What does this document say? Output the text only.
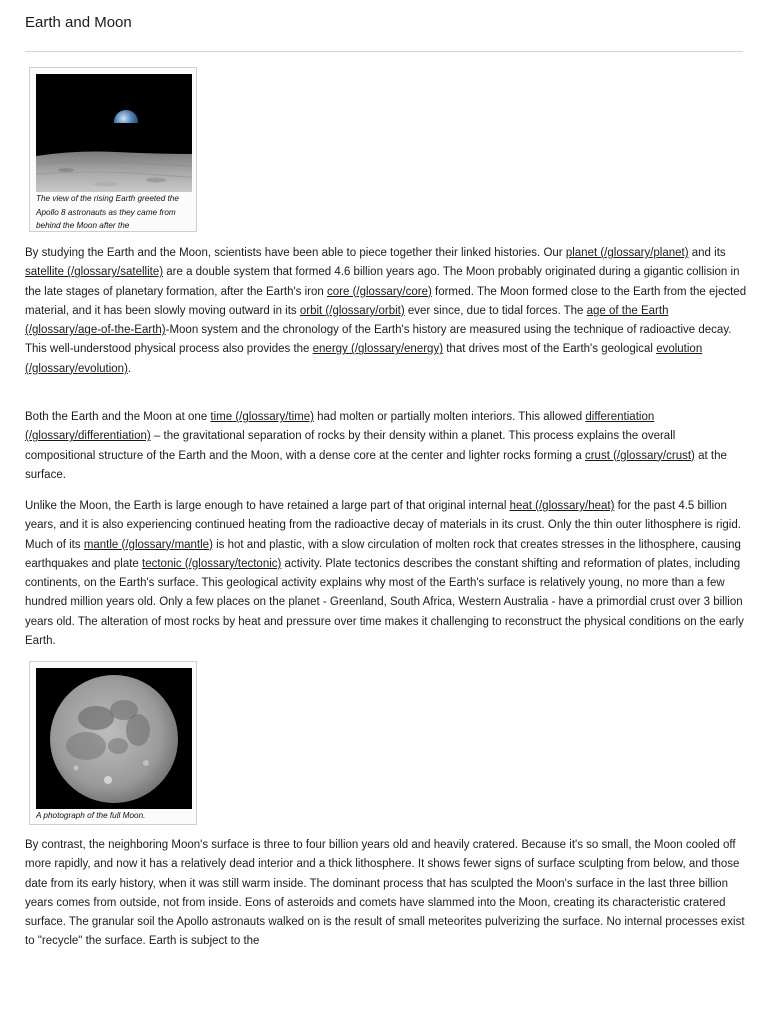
Earth and Moon
The view of the rising Earth greeted the Apollo 8 astronauts as they came from behind the Moon after the

By studying the Earth and the Moon, scientists have been able to piece together their linked histories. Our planet (/glossary/planet) and its satellite (/glossary/satellite) are a double system that formed 4.6 billion years ago. The Moon probably originated during a gigantic collision in the late stages of planetary formation, after the Earth's iron core (/glossary/core) formed. The Moon formed close to the Earth from the ejected material, and it has been slowly moving outward in its orbit (/glossary/orbit) ever since, due to tidal forces. The age of the Earth (/glossary/age-of-the-Earth)-Moon system and the chronology of the Earth's history are measured using the technique of radioactive decay. This well-understood physical process also provides the energy (/glossary/energy) that drives most of the Earth's geological evolution (/glossary/evolution).

Both the Earth and the Moon at one time (/glossary/time) had molten or partially molten interiors. This allowed differentiation (/glossary/differentiation) – the gravitational separation of rocks by their density within a planet. This process explains the overall compositional structure of the Earth and the Moon, with a dense core at the center and lighter rocks forming a crust (/glossary/crust) at the surface.

Unlike the Moon, the Earth is large enough to have retained a large part of that original internal heat (/glossary/heat) for the past 4.5 billion years, and it is also experiencing continued heating from the radioactive decay of materials in its crust. Only the thin outer lithosphere is rigid. Much of its mantle (/glossary/mantle) is hot and plastic, with a slow circulation of molten rock that creates stresses in the lithosphere, causing earthquakes and plate tectonic (/glossary/tectonic) activity. Plate tectonics describes the constant shifting and reformation of plates, including continents, on the Earth's surface. This geological activity explains why most of the Earth's surface is relatively young, no more than a few hundred million years old. Only a few places on the planet - Greenland, South Africa, Western Australia - have a primordial crust over 3 billion years old. The alteration of most rocks by heat and pressure over time makes it challenging to reconstruct the physical conditions on the early Earth.

A photograph of the full Moon.

By contrast, the neighboring Moon's surface is three to four billion years old and heavily cratered. Because it's so small, the Moon cooled off more rapidly, and now it has a relatively dead interior and a thick lithosphere. It shows fewer signs of surface sculpting from below, and those date from its early history, when it was still warm inside. The dominant process that has sculpted the Moon's surface in the last three billion years comes from outside, not from inside. Eons of asteroids and comets have slammed into the Moon, creating its characteristic cratered surface. The granular soil the Apollo astronauts walked on is the result of small meteorites pulverizing the surface. No internal processes exist to "recycle" the surface. Earth is subject to the
